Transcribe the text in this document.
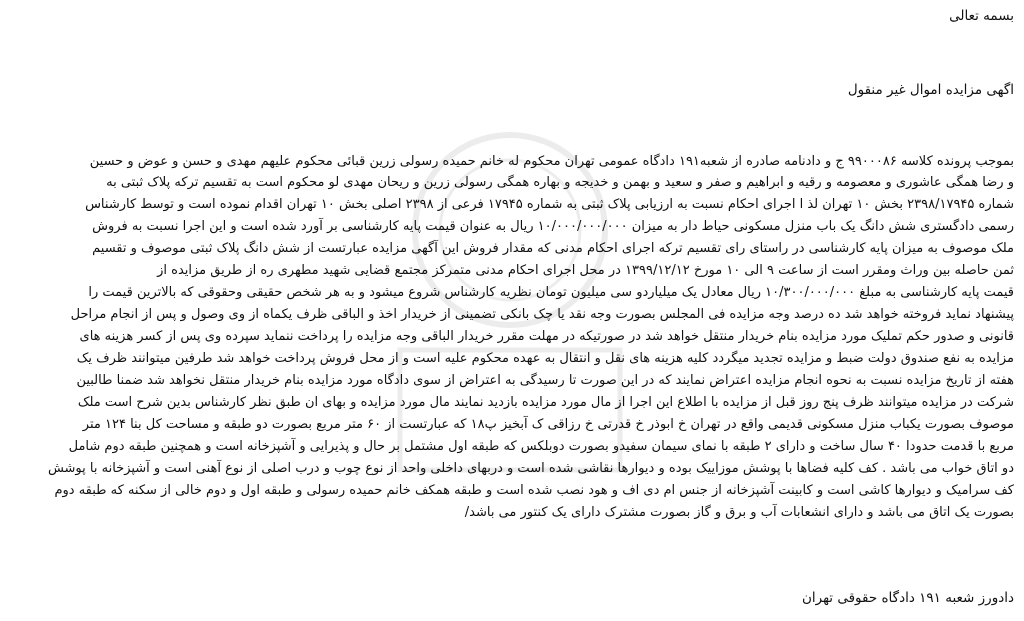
بسمه تعالی
اگهی مزایده اموال غیر منقول
بموجب پرونده کلاسه ۹۹۰۰۰۸۶ ج و دادنامه صادره از شعبه۱۹۱ دادگاه عمومی تهران محکوم له خانم حمیده رسولی زرین قبائی محکوم علیهم مهدی و حسن و عوض و حسین
و رضا همگی عاشوری و معصومه و رقیه و ابراهیم و صفر و سعید و بهمن و خدیجه و بهاره همگی رسولی زرین و ریحان مهدی لو محکوم است به تقسیم ترکه پلاک ثبتی به
شماره ۲۳۹۸/۱۷۹۴۵ بخش ۱۰ تهران لذ ا اجرای احکام نسبت به ارزیابی پلاک ثبتی به شماره ۱۷۹۴۵ فرعی از ۲۳۹۸ اصلی بخش ۱۰ تهران اقدام نموده است و توسط کارشناس
رسمی دادگستری شش دانگ یک باب منزل مسکونی حیاط دار به میزان ۱۰/۰۰۰/۰۰۰/۰۰۰ ریال به عنوان قیمت پایه کارشناسی بر آورد شده است و این اجرا نسبت به فروش
ملک موصوف به میزان پایه کارشناسی در راستای رای تقسیم ترکه اجرای احکام مدنی که مقدار فروش این آگهی مزایده عبارتست از شش دانگ پلاک ثبتی موصوف و تقسیم
ثمن حاصله بین وراث ومقرر است از ساعت ۹ الی ۱۰ مورخ ۱۳۹۹/۱۲/۱۲ در محل اجرای احکام مدنی متمرکز مجتمع قضایی شهید مطهری ره از طریق مزایده از
قیمت پایه کارشناسی به مبلغ ۱۰/۳۰۰/۰۰۰/۰۰۰ ریال معادل یک میلیاردو سی میلیون تومان نظریه کارشناس شروع میشود و به هر شخص حقیقی وحقوقی که بالاترین قیمت را
پیشنهاد نماید فروخته خواهد شد ده درصد وجه مزایده فی المجلس بصورت وجه نقد یا چک بانکی تضمینی از خریدار اخذ و الباقی ظرف یکماه از وی وصول و پس از انجام مراحل
قانونی و صدور حکم تملیک مورد مزایده بنام خریدار منتقل خواهد شد در صورتیکه در مهلت مقرر خریدار الباقی وجه مزایده را پرداخت ننماید سپرده وی پس از کسر هزینه های
مزایده به نفع صندوق دولت ضبط و مزایده تجدید میگردد کلیه هزینه های نقل و انتقال به عهده محکوم علیه است و از محل فروش پرداخت خواهد شد طرفین میتوانند ظرف یک
هفته از تاریخ مزایده نسبت به نحوه انجام مزایده اعتراض نمایند که در این صورت تا رسیدگی به اعتراض از سوی دادگاه مورد مزایده بنام خریدار منتقل نخواهد شد ضمنا طالبین
شرکت در مزایده میتوانند ظرف پنج روز قبل از مزایده با اطلاع این اجرا از مال مورد مزایده بازدید نمایند مال مورد مزایده و بهای ان طبق نظر کارشناس بدین شرح است ملک
موصوف بصورت یکباب منزل مسکونی قدیمی واقع در تهران خ ابوذر خ قدرتی خ رزاقی ک آبخیز پ۱۸ که عبارتست از ۶۰ متر مربع بصورت دو طبقه و مساحت کل بنا ۱۲۴ متر
مربع با قدمت حدودا ۴۰ سال ساخت و دارای ۲ طبقه با نمای سیمان سفیدو بصورت دوبلکس که طبقه اول مشتمل بر حال و پذیرایی و آشپزخانه است و همچنین طبقه دوم شامل
دو اتاق خواب می باشد . کف کلیه فضاها با پوشش موزاییک بوده و دیوارها نقاشی شده است و دربهای داخلی واحد از نوع چوب و درب اصلی از نوع آهنی است و آشپزخانه با پوشش
کف سرامیک و دیوارها کاشی است و کابینت آشپزخانه از جنس ام دی اف و هود نصب شده است و طبقه همکف خانم حمیده رسولی و طبقه اول و دوم خالی از سکنه که طبقه دوم
بصورت یک اتاق می باشد و دارای انشعابات آب و برق و گاز بصورت مشترک دارای یک کنتور می باشد/
دادورز شعبه ۱۹۱ دادگاه حقوقی تهران
